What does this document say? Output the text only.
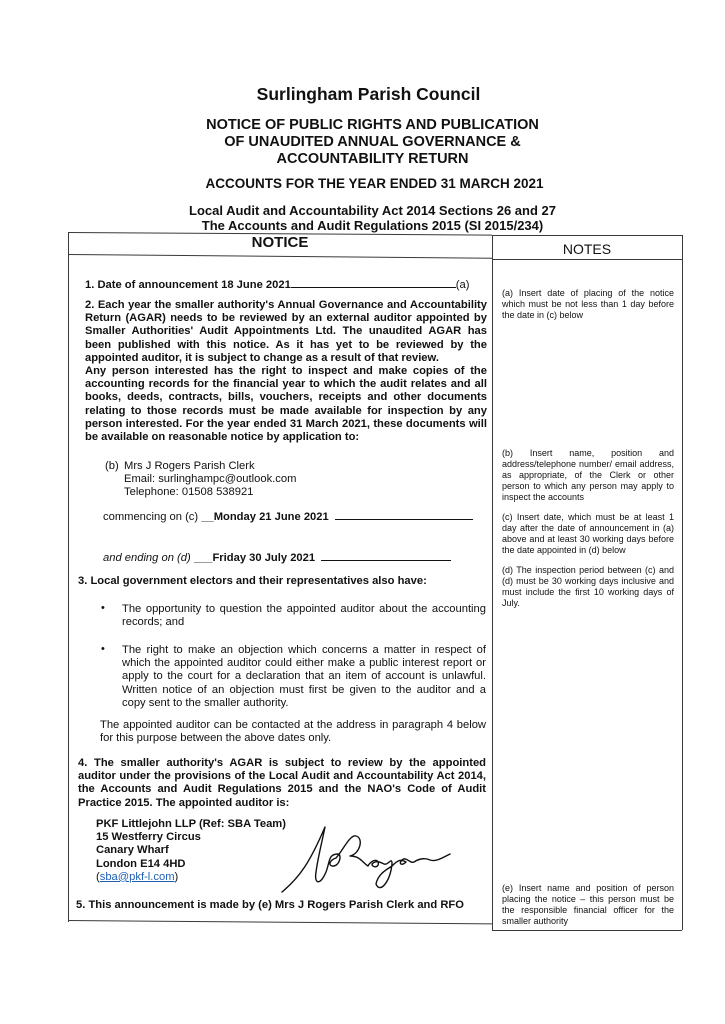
Surlingham Parish Council
NOTICE OF PUBLIC RIGHTS AND PUBLICATION
OF UNAUDITED ANNUAL GOVERNANCE &
ACCOUNTABILITY RETURN
ACCOUNTS FOR THE YEAR ENDED 31 MARCH 2021
Local Audit and Accountability Act 2014 Sections 26 and 27
The Accounts and Audit Regulations 2015 (SI 2015/234)
NOTICE	NOTES
1. Date of announcement 18 June 2021	(a)
2. Each year the smaller authority's Annual Governance and Accountability Return (AGAR) needs to be reviewed by an external auditor appointed by Smaller Authorities' Audit Appointments Ltd. The unaudited AGAR has been published with this notice. As it has yet to be reviewed by the appointed auditor, it is subject to change as a result of that review.
Any person interested has the right to inspect and make copies of the accounting records for the financial year to which the audit relates and all books, deeds, contracts, bills, vouchers, receipts and other documents relating to those records must be made available for inspection by any person interested. For the year ended 31 March 2021, these documents will be available on reasonable notice by application to:
(b) Mrs J Rogers Parish Clerk
Email: surlinghampc@outlook.com
Telephone: 01508 538921
commencing on (c) __Monday 21 June 2021
and ending on (d) ___Friday 30 July 2021
3. Local government electors and their representatives also have:
• The opportunity to question the appointed auditor about the accounting records; and
• The right to make an objection which concerns a matter in respect of which the appointed auditor could either make a public interest report or apply to the court for a declaration that an item of account is unlawful. Written notice of an objection must first be given to the auditor and a copy sent to the smaller authority.
The appointed auditor can be contacted at the address in paragraph 4 below for this purpose between the above dates only.
4. The smaller authority's AGAR is subject to review by the appointed auditor under the provisions of the Local Audit and Accountability Act 2014, the Accounts and Audit Regulations 2015 and the NAO's Code of Audit Practice 2015. The appointed auditor is:
PKF Littlejohn LLP (Ref: SBA Team)
15 Westferry Circus
Canary Wharf
London E14 4HD
(sba@pkf-l.com)
5. This announcement is made by (e) Mrs J Rogers Parish Clerk and RFO
(a) Insert date of placing of the notice which must be not less than 1 day before the date in (c) below
(b) Insert name, position and address/telephone number/ email address, as appropriate, of the Clerk or other person to which any person may apply to inspect the accounts
(c) Insert date, which must be at least 1 day after the date of announcement in (a) above and at least 30 working days before the date appointed in (d) below
(d) The inspection period between (c) and (d) must be 30 working days inclusive and must include the first 10 working days of July.
(e) Insert name and position of person placing the notice – this person must be the responsible financial officer for the smaller authority
